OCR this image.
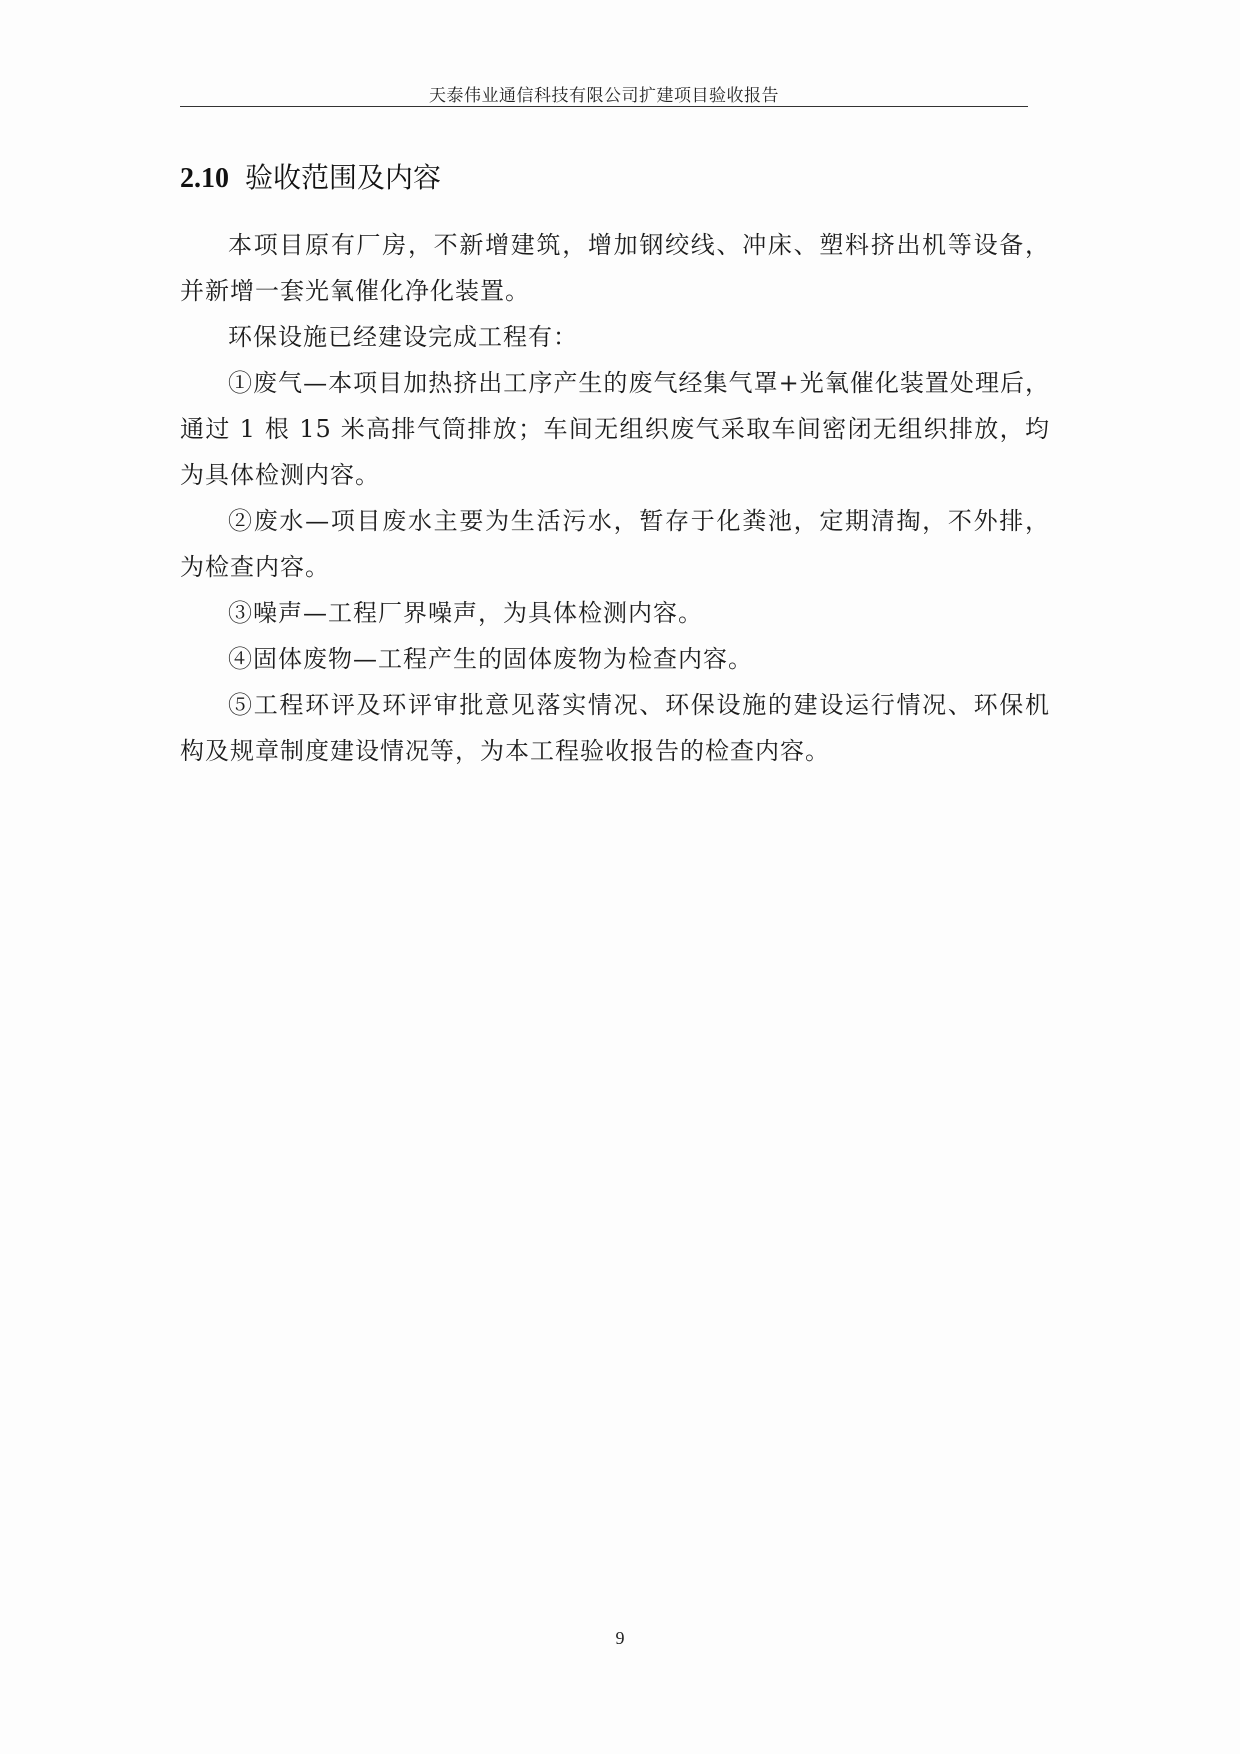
天泰伟业通信科技有限公司扩建项目验收报告
2.10 验收范围及内容

本项目原有厂房，不新增建筑，增加钢绞线、冲床、塑料挤出机等设备，并新增一套光氧催化净化装置。

环保设施已经建设完成工程有：

①废气—本项目加热挤出工序产生的废气经集气罩+光氧催化装置处理后，通过 1 根 15 米高排气筒排放；车间无组织废气采取车间密闭无组织排放，均为具体检测内容。

②废水—项目废水主要为生活污水，暂存于化粪池，定期清掏，不外排，为检查内容。

③噪声—工程厂界噪声，为具体检测内容。

④固体废物—工程产生的固体废物为检查内容。

⑤工程环评及环评审批意见落实情况、环保设施的建设运行情况、环保机构及规章制度建设情况等，为本工程验收报告的检查内容。

9
